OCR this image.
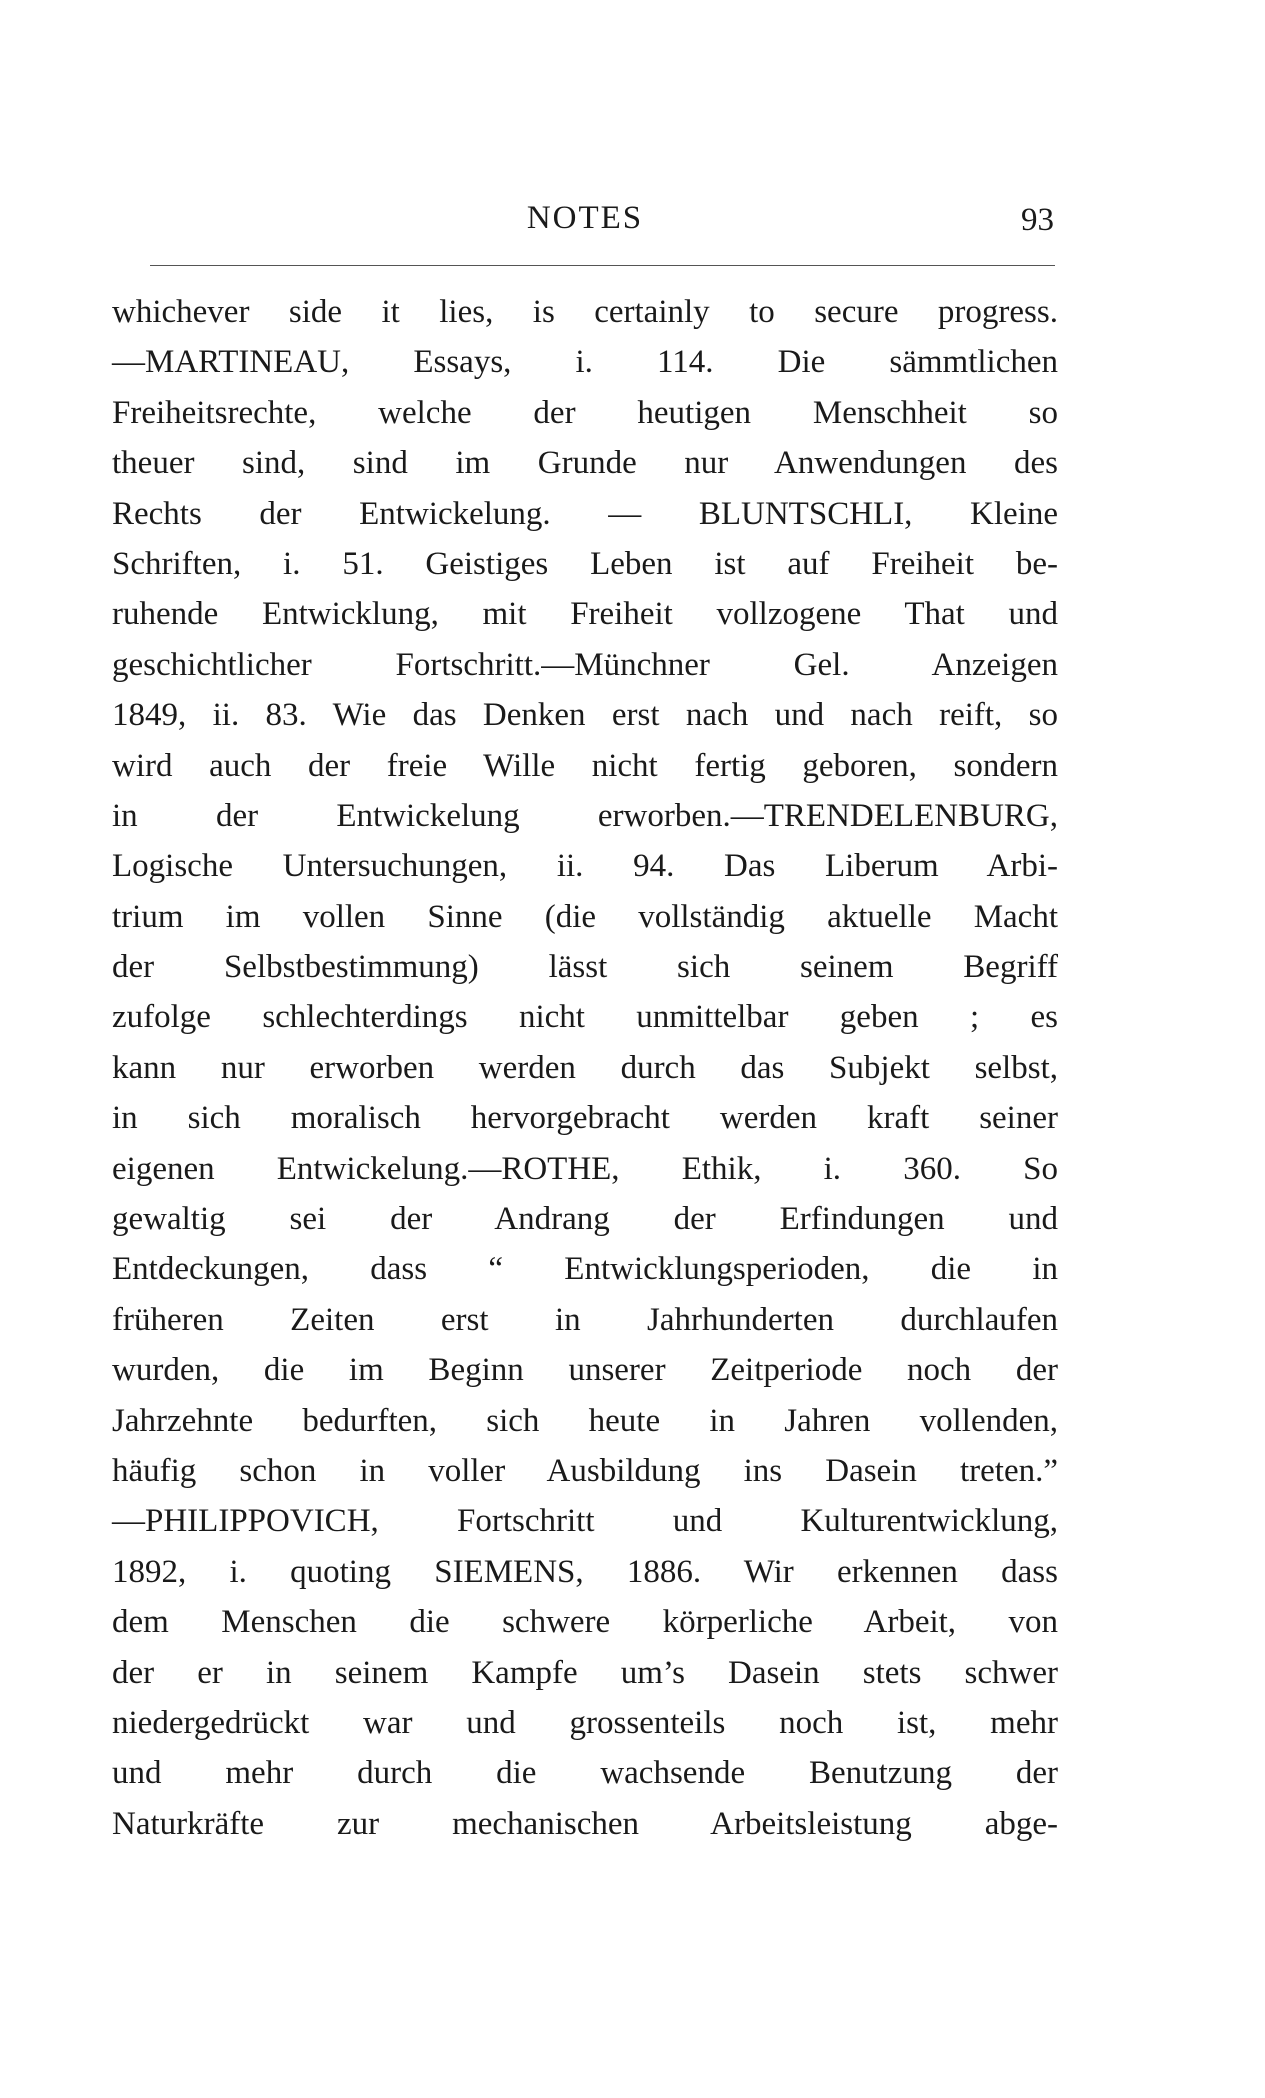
NOTES	93
whichever side it lies, is certainly to secure progress.
—MARTINEAU, Essays, i. 114. Die sämmtlichen
Freiheitsrechte, welche der heutigen Menschheit so
theuer sind, sind im Grunde nur Anwendungen des
Rechts der Entwickelung. — BLUNTSCHLI, Kleine
Schriften, i. 51. Geistiges Leben ist auf Freiheit be-
ruhende Entwicklung, mit Freiheit vollzogene That und
geschichtlicher Fortschritt.—Münchner Gel. Anzeigen
1849, ii. 83. Wie das Denken erst nach und nach reift, so
wird auch der freie Wille nicht fertig geboren, sondern
in der Entwickelung erworben.—TRENDELENBURG,
Logische Untersuchungen, ii. 94. Das Liberum Arbi-
trium im vollen Sinne (die vollständig aktuelle Macht
der Selbstbestimmung) lässt sich seinem Begriff
zufolge schlechterdings nicht unmittelbar geben ; es
kann nur erworben werden durch das Subjekt selbst,
in sich moralisch hervorgebracht werden kraft seiner
eigenen Entwickelung.—ROTHE, Ethik, i. 360. So
gewaltig sei der Andrang der Erfindungen und
Entdeckungen, dass “ Entwicklungsperioden, die in
früheren Zeiten erst in Jahrhunderten durchlaufen
wurden, die im Beginn unserer Zeitperiode noch der
Jahrzehnte bedurften, sich heute in Jahren vollenden,
häufig schon in voller Ausbildung ins Dasein treten.”
—PHILIPPOVICH, Fortschritt und Kulturentwicklung,
1892, i. quoting SIEMENS, 1886. Wir erkennen dass
dem Menschen die schwere körperliche Arbeit, von
der er in seinem Kampfe um’s Dasein stets schwer
niedergedrückt war und grossenteils noch ist, mehr
und mehr durch die wachsende Benutzung der
Naturkräfte zur mechanischen Arbeitsleistung abge-
